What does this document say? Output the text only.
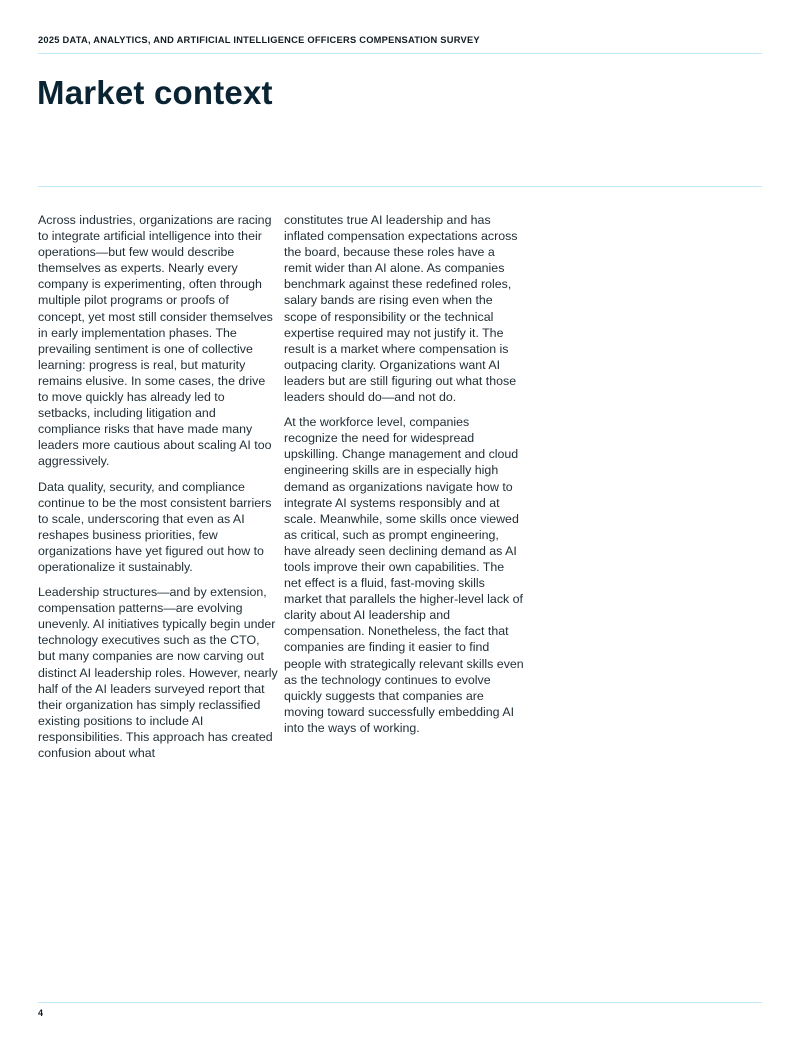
2025 DATA, ANALYTICS, AND ARTIFICIAL INTELLIGENCE OFFICERS COMPENSATION SURVEY
Market context

Across industries, organizations are racing to integrate artificial intelligence into their operations—but few would describe themselves as experts. Nearly every company is experimenting, often through multiple pilot programs or proofs of concept, yet most still consider themselves in early implementation phases. The prevailing sentiment is one of collective learning: progress is real, but maturity remains elusive. In some cases, the drive to move quickly has already led to setbacks, including litigation and compliance risks that have made many leaders more cautious about scaling AI too aggressively.

Data quality, security, and compliance continue to be the most consistent barriers to scale, underscoring that even as AI reshapes business priorities, few organizations have yet figured out how to operationalize it sustainably.

Leadership structures—and by extension, compensation patterns—are evolving unevenly. AI initiatives typically begin under technology executives such as the CTO, but many companies are now carving out distinct AI leadership roles. However, nearly half of the AI leaders surveyed report that their organization has simply reclassified existing positions to include AI responsibilities. This approach has created confusion about what

constitutes true AI leadership and has inflated compensation expectations across the board, because these roles have a remit wider than AI alone. As companies benchmark against these redefined roles, salary bands are rising even when the scope of responsibility or the technical expertise required may not justify it. The result is a market where compensation is outpacing clarity. Organizations want AI leaders but are still figuring out what those leaders should do—and not do.

At the workforce level, companies recognize the need for widespread upskilling. Change management and cloud engineering skills are in especially high demand as organizations navigate how to integrate AI systems responsibly and at scale. Meanwhile, some skills once viewed as critical, such as prompt engineering, have already seen declining demand as AI tools improve their own capabilities. The net effect is a fluid, fast-moving skills market that parallels the higher-level lack of clarity about AI leadership and compensation. Nonetheless, the fact that companies are finding it easier to find people with strategically relevant skills even as the technology continues to evolve quickly suggests that companies are moving toward successfully embedding AI into the ways of working.

4
